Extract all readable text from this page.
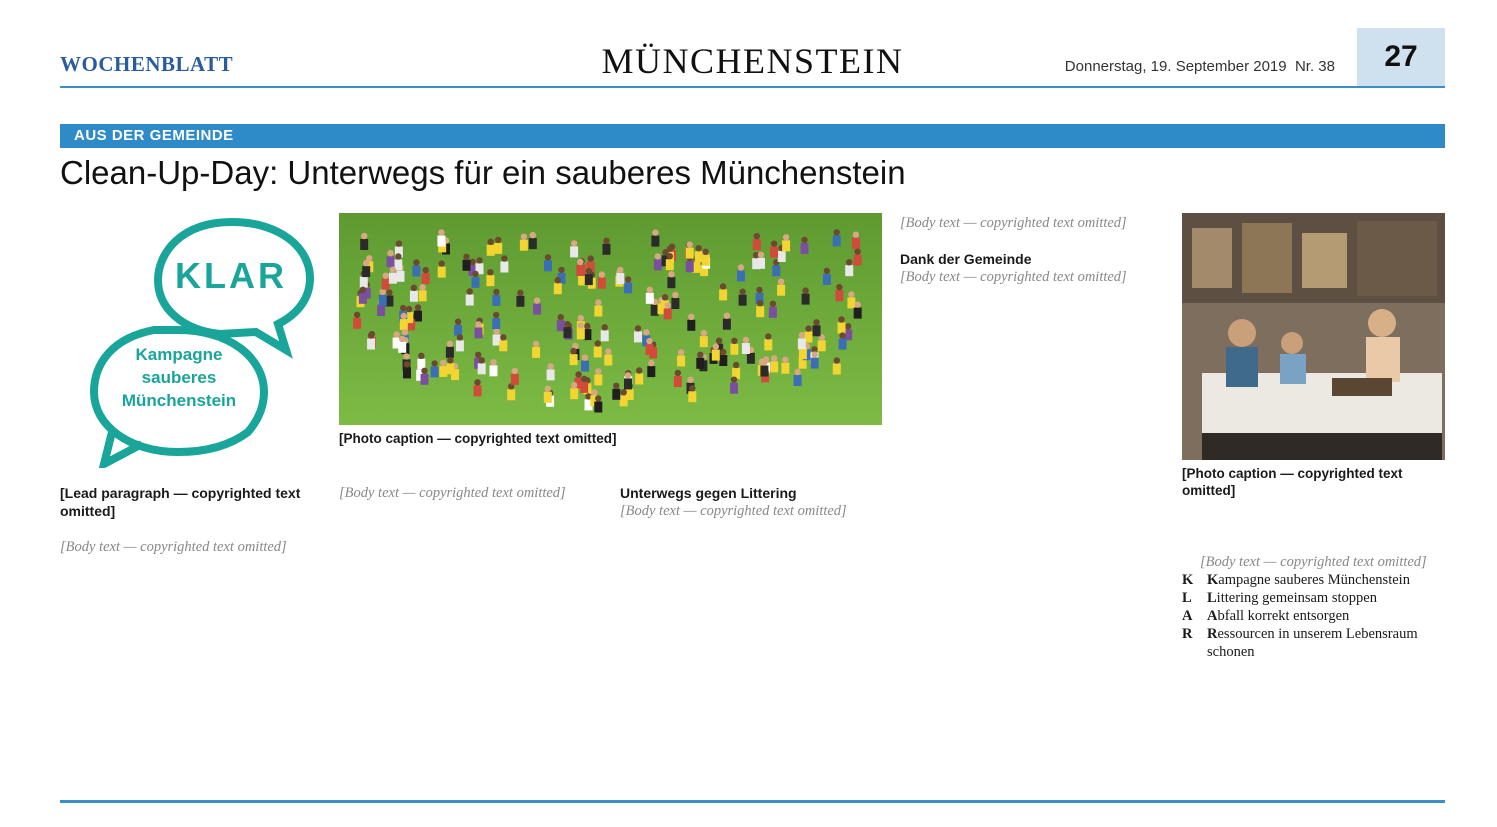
WOCHENBLATT	MÜNCHENSTEIN	Donnerstag, 19. September 2019 Nr. 38	27
AUS DER GEMEINDE
Clean-Up-Day: Unterwegs für ein sauberes Münchenstein
KLAR
Kampagne
sauberes
Münchenstein
[Photo caption — copyrighted text omitted]
[Photo caption — copyrighted text omitted]

[Lead paragraph — copyrighted text omitted]

[Body text — copyrighted text omitted]

[Body text — copyrighted text omitted]	Unterwegs gegen Littering

[Body text — copyrighted text omitted]

[Body text — copyrighted text omitted]

Dank der Gemeinde

[Body text — copyrighted text omitted]

[Body text — copyrighted text omitted]

K Kampagne sauberes Münchenstein
L Littering gemeinsam stoppen
A Abfall korrekt entsorgen
R Ressourcen in unserem Lebensraum schonen
